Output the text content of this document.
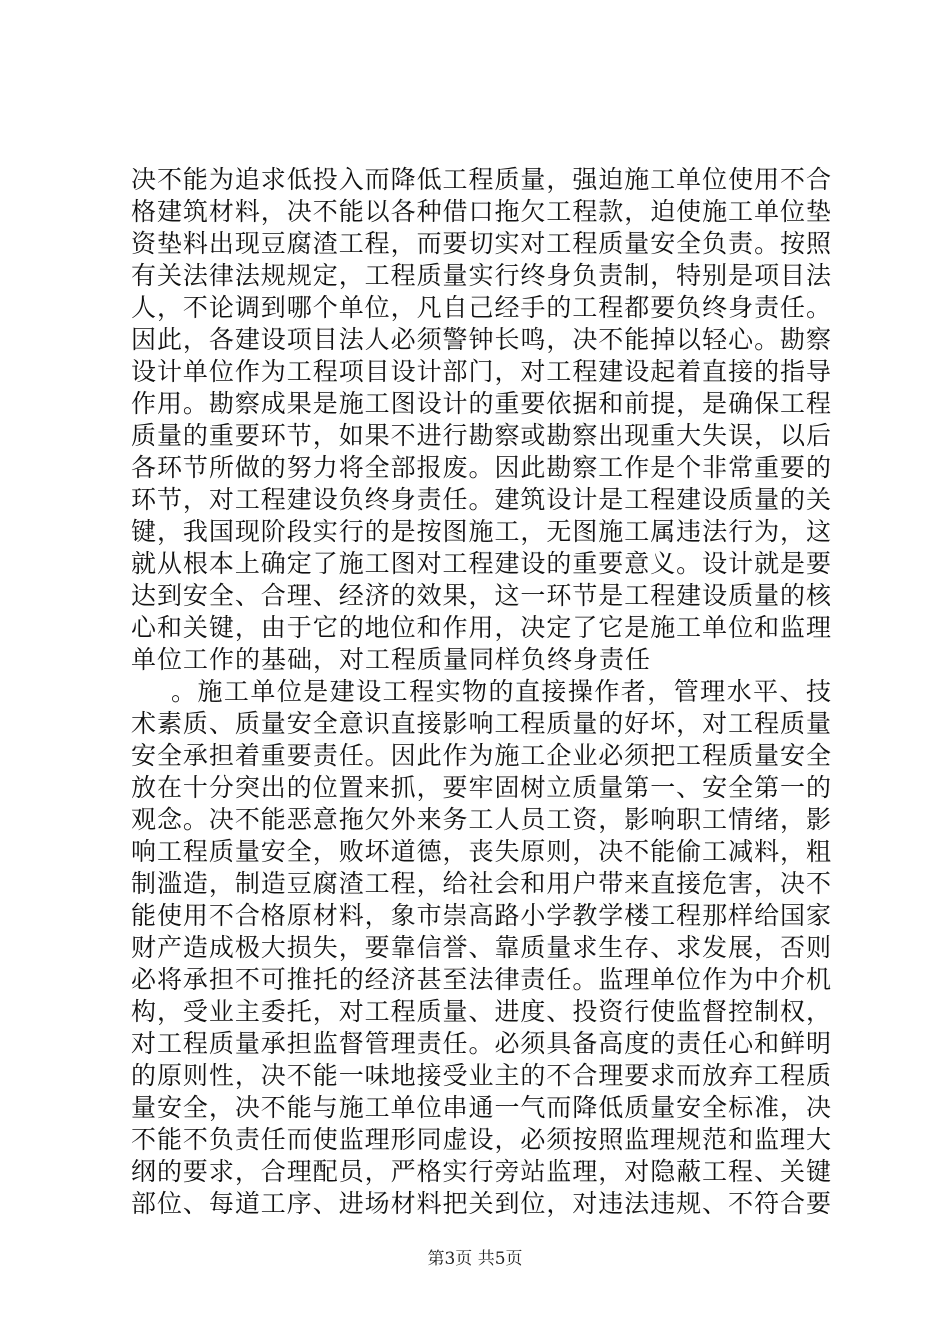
决不能为追求低投入而降低工程质量，强迫施工单位使用不合
格建筑材料，决不能以各种借口拖欠工程款，迫使施工单位垫
资垫料出现豆腐渣工程，而要切实对工程质量安全负责。按照
有关法律法规规定，工程质量实行终身负责制，特别是项目法
人，不论调到哪个单位，凡自己经手的工程都要负终身责任。
因此，各建设项目法人必须警钟长鸣，决不能掉以轻心。勘察
设计单位作为工程项目设计部门，对工程建设起着直接的指导
作用。勘察成果是施工图设计的重要依据和前提，是确保工程
质量的重要环节，如果不进行勘察或勘察出现重大失误，以后
各环节所做的努力将全部报废。因此勘察工作是个非常重要的
环节，对工程建设负终身责任。建筑设计是工程建设质量的关
键，我国现阶段实行的是按图施工，无图施工属违法行为，这
就从根本上确定了施工图对工程建设的重要意义。设计就是要
达到安全、合理、经济的效果，这一环节是工程建设质量的核
心和关键，由于它的地位和作用，决定了它是施工单位和监理
单位工作的基础，对工程质量同样负终身责任
。施工单位是建设工程实物的直接操作者，管理水平、技
术素质、质量安全意识直接影响工程质量的好坏，对工程质量
安全承担着重要责任。因此作为施工企业必须把工程质量安全
放在十分突出的位置来抓，要牢固树立质量第一、安全第一的
观念。决不能恶意拖欠外来务工人员工资，影响职工情绪，影
响工程质量安全，败坏道德，丧失原则，决不能偷工减料，粗
制滥造，制造豆腐渣工程，给社会和用户带来直接危害，决不
能使用不合格原材料，象市崇高路小学教学楼工程那样给国家
财产造成极大损失，要靠信誉、靠质量求生存、求发展，否则
必将承担不可推托的经济甚至法律责任。监理单位作为中介机
构，受业主委托，对工程质量、进度、投资行使监督控制权，
对工程质量承担监督管理责任。必须具备高度的责任心和鲜明
的原则性，决不能一味地接受业主的不合理要求而放弃工程质
量安全，决不能与施工单位串通一气而降低质量安全标准，决
不能不负责任而使监理形同虚设，必须按照监理规范和监理大
纲的要求，合理配员，严格实行旁站监理，对隐蔽工程、关键
部位、每道工序、进场材料把关到位，对违法违规、不符合要
第3页 共5页
